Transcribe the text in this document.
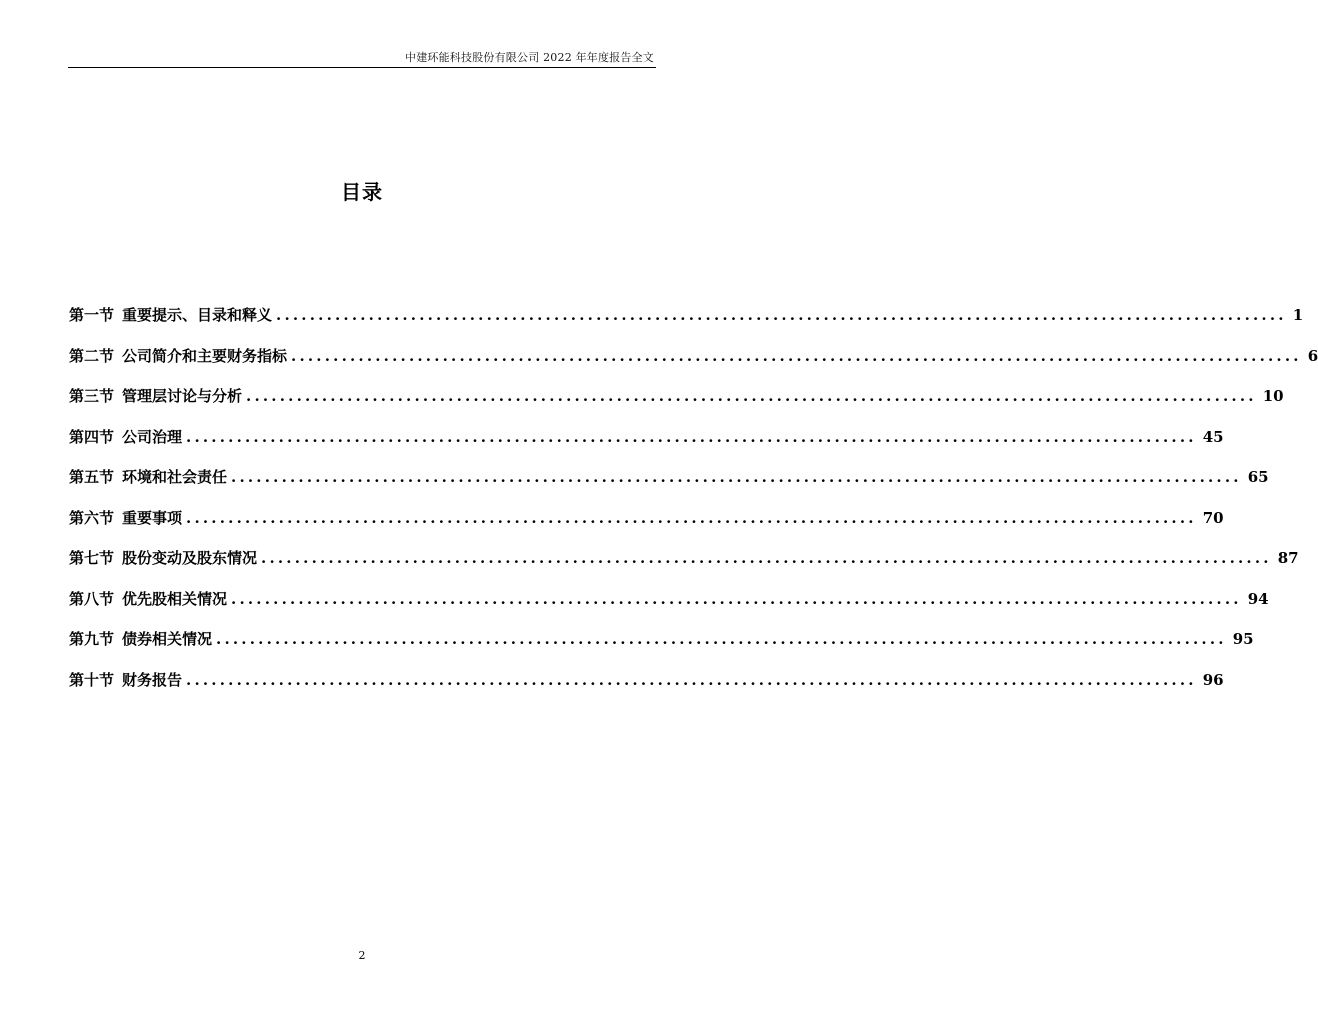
中建环能科技股份有限公司 2022 年年度报告全文
目录
第一节 重要提示、目录和释义 ........................................................................................................................ 1
第二节 公司简介和主要财务指标 ........................................................................................................................ 6
第三节 管理层讨论与分析 ........................................................................................................................ 10
第四节 公司治理 ........................................................................................................................ 45
第五节 环境和社会责任 ........................................................................................................................ 65
第六节 重要事项 ........................................................................................................................ 70
第七节 股份变动及股东情况 ........................................................................................................................ 87
第八节 优先股相关情况 ........................................................................................................................ 94
第九节 债券相关情况 ........................................................................................................................ 95
第十节 财务报告 ........................................................................................................................ 96
2
